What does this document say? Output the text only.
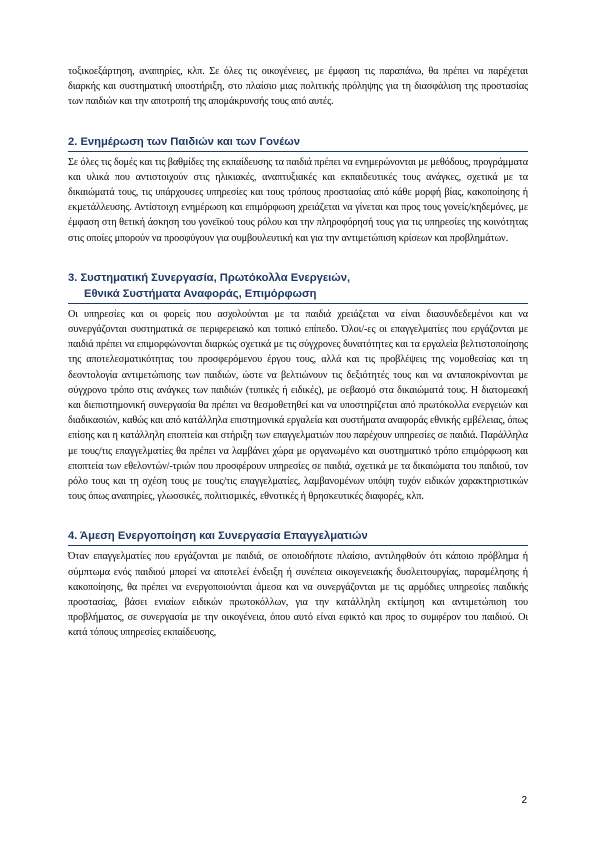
τοξικοεξάρτηση, αναπηρίες, κλπ. Σε όλες τις οικογένειες, με έμφαση τις παραπάνω, θα πρέπει να παρέχεται διαρκής και συστηματική υποστήριξη, στο πλαίσιο μιας πολιτικής πρόληψης για τη διασφάλιση της προστασίας των παιδιών και την αποτροπή της απομάκρυνσής τους από αυτές.

2. Ενημέρωση των Παιδιών και των Γονέων

Σε όλες τις δομές και τις βαθμίδες της εκπαίδευσης τα παιδιά πρέπει να ενημερώνονται με μεθόδους, προγράμματα και υλικά που αντιστοιχούν στις ηλικιακές, αναπτυξιακές και εκπαιδευτικές τους ανάγκες, σχετικά με τα δικαιώματά τους, τις υπάρχουσες υπηρεσίες και τους τρόπους προστασίας από κάθε μορφή βίας, κακοποίησης ή εκμετάλλευσης. Αντίστοιχη ενημέρωση και επιμόρφωση χρειάζεται να γίνεται και προς τους γονείς/κηδεμόνες, με έμφαση στη θετική άσκηση του γονεϊκού τους ρόλου και την πληροφόρησή τους για τις υπηρεσίες της κοινότητας στις οποίες μπορούν να προσφύγουν για συμβουλευτική και για την αντιμετώπιση κρίσεων και προβλημάτων.

3. Συστηματική Συνεργασία, Πρωτόκολλα Ενεργειών,
Εθνικά Συστήματα Αναφοράς, Επιμόρφωση

Οι υπηρεσίες και οι φορείς που ασχολούνται με τα παιδιά χρειάζεται να είναι διασυνδεδεμένοι και να συνεργάζονται συστηματικά σε περιφερειακό και τοπικό επίπεδο. Όλοι/-ες οι επαγγελματίες που εργάζονται με παιδιά πρέπει να επιμορφώνονται διαρκώς σχετικά με τις σύγχρονες δυνατότητες και τα εργαλεία βελτιστοποίησης της αποτελεσματικότητας του προσφερόμενου έργου τους, αλλά και τις προβλέψεις της νομοθεσίας και τη δεοντολογία αντιμετώπισης των παιδιών, ώστε να βελτιώνουν τις δεξιότητές τους και να ανταποκρίνονται με σύγχρονο τρόπο στις ανάγκες των παιδιών (τυπικές ή ειδικές), με σεβασμό στα δικαιώματά τους. Η διατομεακή και διεπιστημονική συνεργασία θα πρέπει να θεσμοθετηθεί και να υποστηρίζεται από πρωτόκολλα ενεργειών και διαδικασιών, καθώς και από κατάλληλα επιστημονικά εργαλεία και συστήματα αναφοράς εθνικής εμβέλειας, όπως επίσης και η κατάλληλη εποπτεία και στήριξη των επαγγελματιών που παρέχουν υπηρεσίες σε παιδιά. Παράλληλα με τους/τις επαγγελματίες θα πρέπει να λαμβάνει χώρα με οργανωμένο και συστηματικό τρόπο επιμόρφωση και εποπτεία των εθελοντών/-τριών που προσφέρουν υπηρεσίες σε παιδιά, σχετικά με τα δικαιώματα του παιδιού, τον ρόλο τους και τη σχέση τους με τους/τις επαγγελματίες, λαμβανομένων υπόψη τυχόν ειδικών χαρακτηριστικών τους όπως αναπηρίες, γλωσσικές, πολιτισμικές, εθνοτικές ή θρησκευτικές διαφορές, κλπ.

4. Άμεση Ενεργοποίηση και Συνεργασία Επαγγελματιών

Όταν επαγγελματίες που εργάζονται με παιδιά, σε οποιοδήποτε πλαίσιο, αντιληφθούν ότι κάποιο πρόβλημα ή σύμπτωμα ενός παιδιού μπορεί να αποτελεί ένδειξη ή συνέπεια οικογενειακής δυσλειτουργίας, παραμέλησης ή κακοποίησης, θα πρέπει να ενεργοποιούνται άμεσα και να συνεργάζονται με τις αρμόδιες υπηρεσίες παιδικής προστασίας, βάσει ενιαίων ειδικών πρωτοκόλλων, για την κατάλληλη εκτίμηση και αντιμετώπιση του προβλήματος, σε συνεργασία με την οικογένεια, όπου αυτό είναι εφικτό και προς το συμφέρον του παιδιού. Οι κατά τόπους υπηρεσίες εκπαίδευσης,

2
